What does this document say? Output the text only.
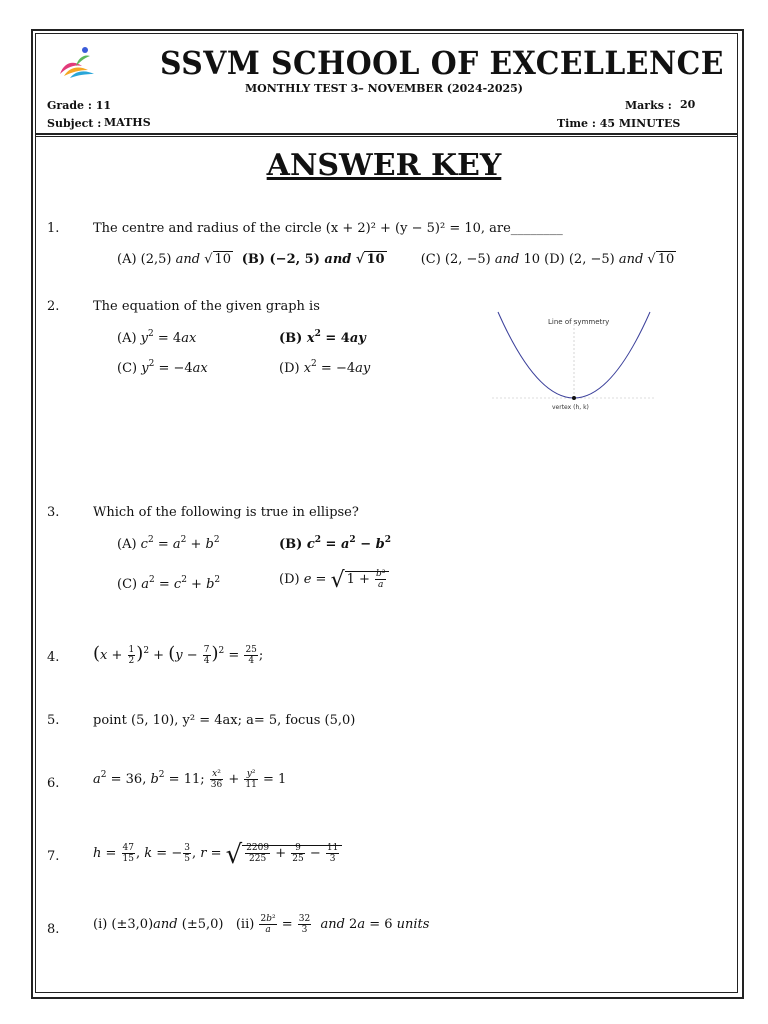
SSVM SCHOOL OF EXCELLENCE
MONTHLY TEST 3– NOVEMBER (2024-2025)
Grade : 11	Marks : 20
Subject : MATHS	Time : 45 MINUTES
ANSWER KEY
1.	The centre and radius of the circle (x + 2)² + (y − 5)² = 10, are________
(A) (2,5) and √ 10  (B) (−2, 5) and √ 10	(C) (2, −5) and 10 (D) (2, −5) and √ 10
2.	The equation of the given graph is
(A) $y^2 = 4ax$	(B) $x^2 = 4ay$
(C) $y^2 = -4ax$	(D) $x^2 = -4ay$
Line of symmetry
vertex (h, k)
3.	Which of the following is true in ellipse?
(A) $c^2 = a^2 + b^2$	(B) $c^2 = a^2 - b^2$
(C) $a^2 = c^2 + b^2$	(D) e = √ $1 + \frac{\text{b²}}{a}$
4. $(x + \frac{1}{2} )^2 + (y - \frac{7}{4} )^2 = \frac{25}{4}$ ;
5.	point (5, 10), y² = 4ax; a= 5, focus (5,0)
6.	$a^2 = 36$, $b^2 = 11$; $\frac{\text{x²}}{36} + \frac{\text{y²}}{11} = 1$
7.	$h = \frac{47}{15}$ , k = − $\frac{3}{5}$ , r = √ $\frac{2209}{225} + \frac{9}{25} - \frac{11}{3}$
8.	(i) (±3,0)and (±5,0)   $(ii) \frac{\text{2b²}}{a} = \frac{32}{3}$ and 2a = 6 units
